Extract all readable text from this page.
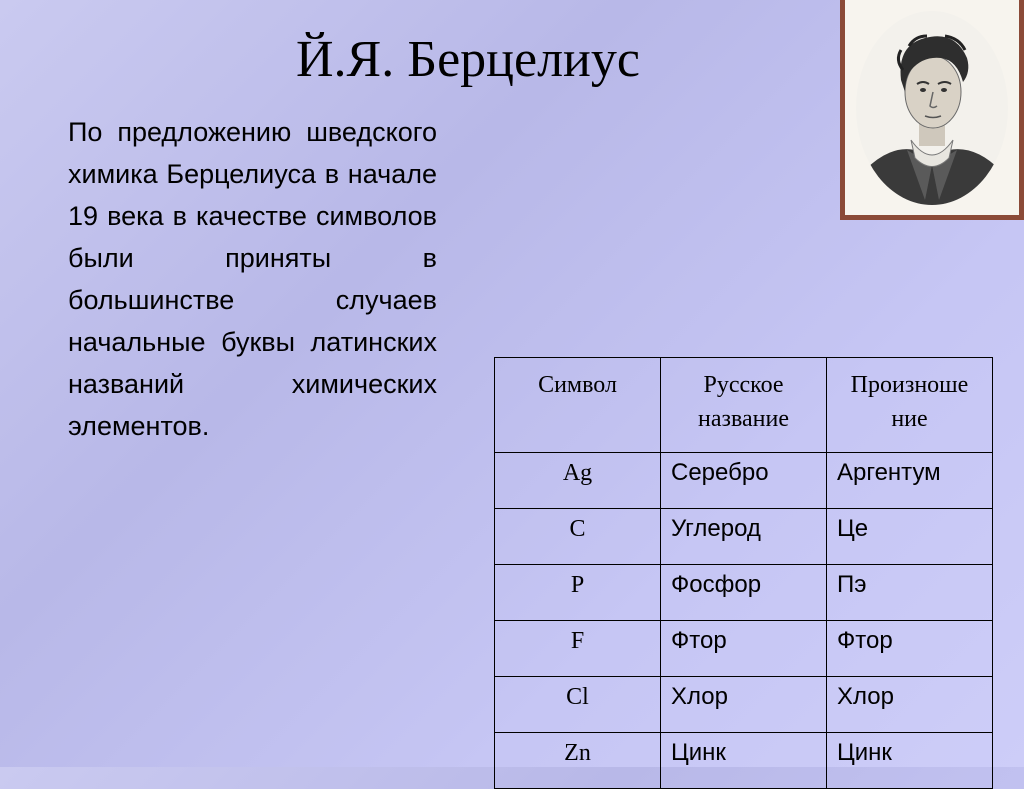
Й.Я. Берцелиус
По предложению шведского химика Берцелиуса в начале 19 века в качестве символов были приняты в большинстве случаев начальные буквы латинских названий химических элементов.
Символ	Русское название	Произноше ние
Ag	Серебро	Аргентум
C	Углерод	Це
P	Фосфор	Пэ
F	Фтор	Фтор
Cl	Хлор	Хлор
Zn	Цинк	Цинк
